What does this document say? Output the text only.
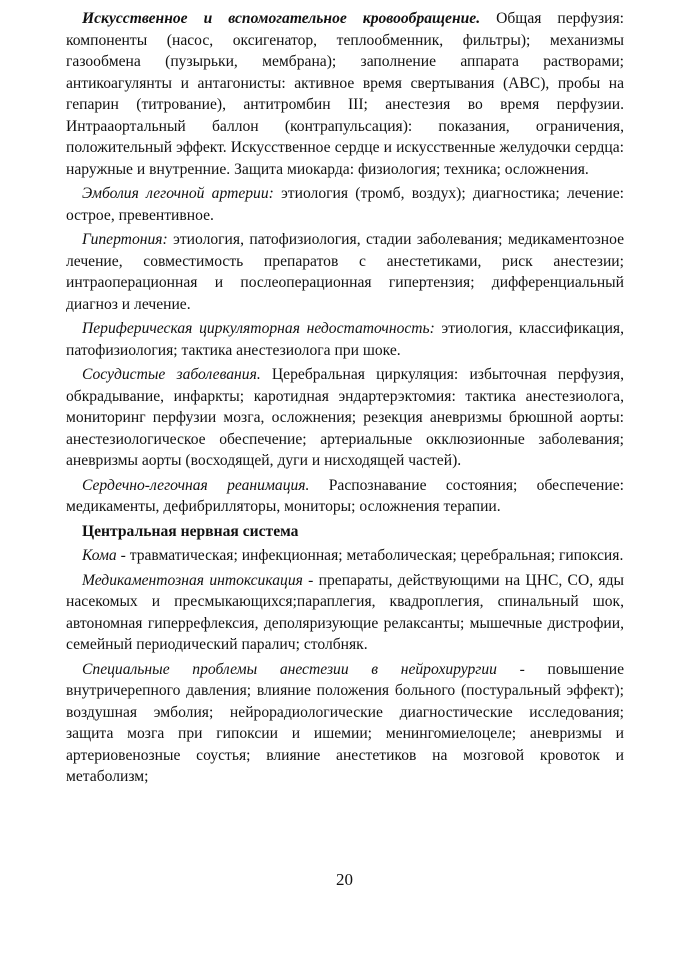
Искусственное и вспомогательное кровообращение. Общая перфузия: компоненты (насос, оксигенатор, теплообменник, фильтры); механизмы газообмена (пузырьки, мембрана); заполнение аппарата растворами; антикоагулянты и антагонисты: активное время свертывания (ABC), пробы на гепарин (титрование), антитромбин III; анестезия во время перфузии. Интрааортальный баллон (контрапульсация): показания, ограничения, положительный эффект. Искусственное сердце и искусственные желудочки сердца: наружные и внутренние. Защита миокарда: физиология; техника; осложнения.

Эмболия легочной артерии: этиология (тромб, воздух); диагностика; лечение: острое, превентивное.

Гипертония: этиология, патофизиология, стадии заболевания; медикаментозное лечение, совместимость препаратов с анестетиками, риск анестезии; интраоперационная и послеоперационная гипертензия; дифференциальный диагноз и лечение.

Периферическая циркуляторная недостаточность: этиология, классификация, патофизиология; тактика анестезиолога при шоке.

Сосудистые заболевания. Церебральная циркуляция: избыточная перфузия, обкрадывание, инфаркты; каротидная эндартерэктомия: тактика анестезиолога, мониторинг перфузии мозга, осложнения; резекция аневризмы брюшной аорты: анестезиологическое обеспечение; артериальные окклюзионные заболевания; аневризмы аорты (восходящей, дуги и нисходящей частей).

Сердечно-легочная реанимация. Распознавание состояния; обеспечение: медикаменты, дефибрилляторы, мониторы; осложнения терапии.

Центральная нервная система

Кома - травматическая; инфекционная; метаболическая; церебральная; гипоксия.

Медикаментозная интоксикация - препараты, действующими на ЦНС, СО, яды насекомых и пресмыкающихся;параплегия, квадроплегия, спинальный шок, автономная гиперрефлексия, деполяризующие релаксанты; мышечные дистрофии, семейный периодический паралич; столбняк.

Специальные проблемы анестезии в нейрохирургии - повышение внутричерепного давления; влияние положения больного (постуральный эффект); воздушная эмболия; нейрорадиологические диагностические исследования; защита мозга при гипоксии и ишемии; менингомиелоцеле; аневризмы и артериовенозные соустья; влияние анестетиков на мозговой кровоток и метаболизм;

20
